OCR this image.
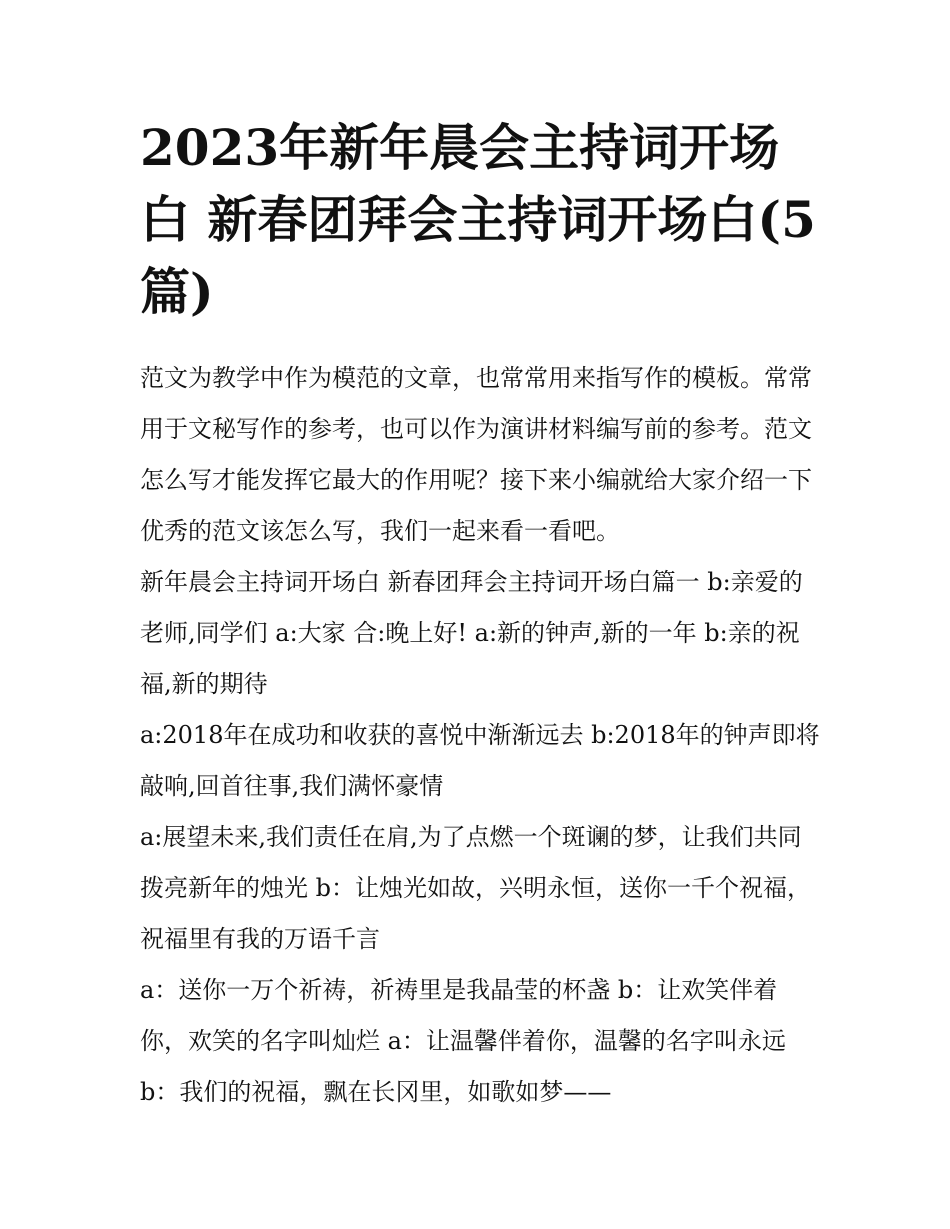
2023年新年晨会主持词开场白 新春团拜会主持词开场白(5篇)

范文为教学中作为模范的文章，也常常用来指写作的模板。常常用于文秘写作的参考，也可以作为演讲材料编写前的参考。范文怎么写才能发挥它最大的作用呢？接下来小编就给大家介绍一下优秀的范文该怎么写，我们一起来看一看吧。

新年晨会主持词开场白 新春团拜会主持词开场白篇一 b:亲爱的老师,同学们 a:大家 合:晚上好! a:新的钟声,新的一年 b:亲的祝福,新的期待

a:2018年在成功和收获的喜悦中渐渐远去 b:2018年的钟声即将敲响,回首往事,我们满怀豪情

a:展望未来,我们责任在肩,为了点燃一个斑谰的梦，让我们共同拨亮新年的烛光 b：让烛光如故，兴明永恒，送你一千个祝福，祝福里有我的万语千言

a：送你一万个祈祷，祈祷里是我晶莹的杯盏 b：让欢笑伴着你，欢笑的名字叫灿烂 a：让温馨伴着你，温馨的名字叫永远 b：我们的祝福，飘在长冈里，如歌如梦——
